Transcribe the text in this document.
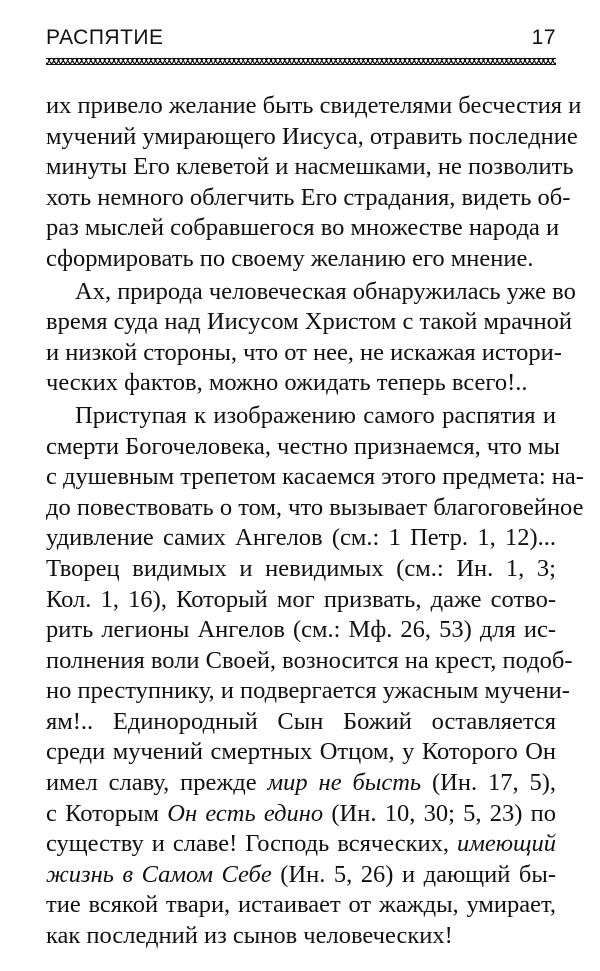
РАСПЯТИЕ	17

их привело желание быть свидетелями бесчестия и
мучений умирающего Иисуса, отравить последние
минуты Его клеветой и насмешками, не позволить
хоть немного облегчить Его страдания, видеть об-
раз мыслей собравшегося во множестве народа и
сформировать по своему желанию его мнение.

Ах, природа человеческая обнаружилась уже во
время суда над Иисусом Христом с такой мрачной
и низкой стороны, что от нее, не искажая истори-
ческих фактов, можно ожидать теперь всего!..

Приступая к изображению самого распятия и
смерти Богочеловека, честно признаемся, что мы
с душевным трепетом касаемся этого предмета: на-
до повествовать о том, что вызывает благоговейное
удивление самих Ангелов (см.: 1 Петр. 1, 12)...
Творец видимых и невидимых (см.: Ин. 1, 3;
Кол. 1, 16), Который мог призвать, даже сотво-
рить легионы Ангелов (см.: Мф. 26, 53) для ис-
полнения воли Своей, возносится на крест, подоб-
но преступнику, и подвергается ужасным мучени-
ям!.. Единородный Сын Божий оставляется
среди мучений смертных Отцом, у Которого Он
имел славу, прежде мир не бысть (Ин. 17, 5),
с Которым Он есть едино (Ин. 10, 30; 5, 23) по
существу и славе! Господь всяческих, имеющий
жизнь в Самом Себе (Ин. 5, 26) и дающий бы-
тие всякой твари, истаивает от жажды, умирает,
как последний из сынов человеческих!
